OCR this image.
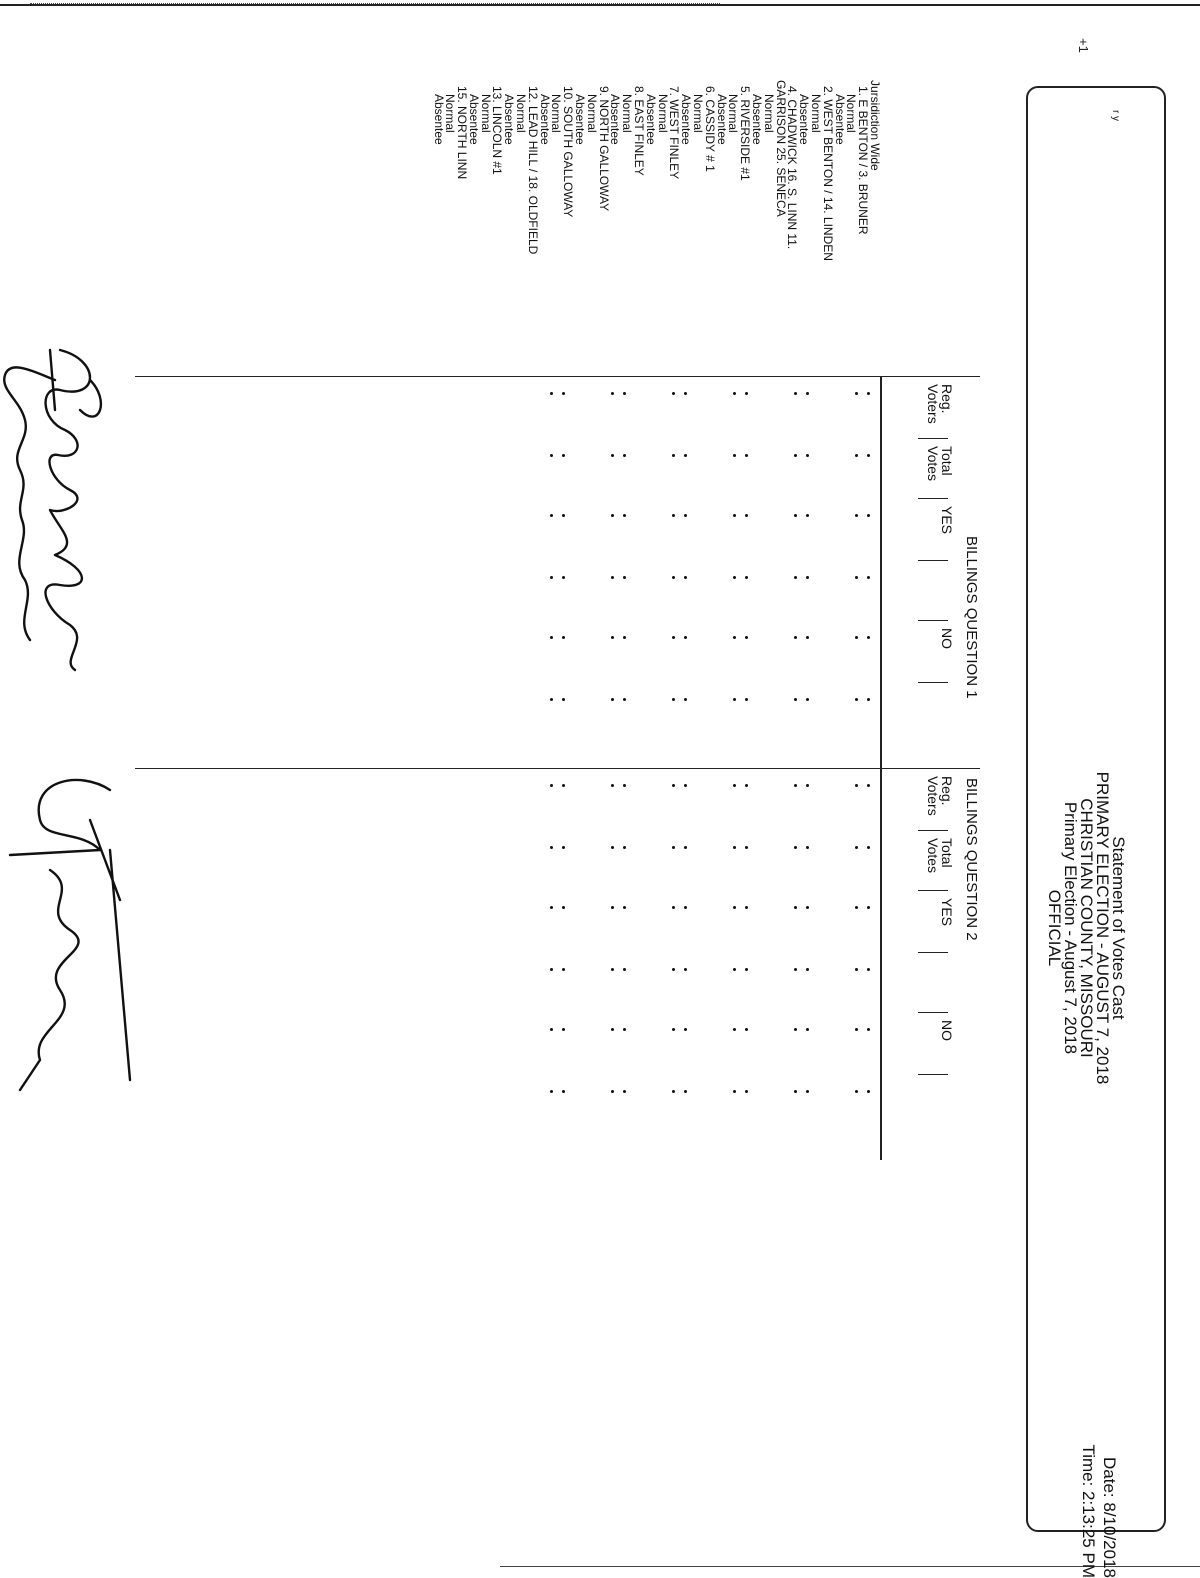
+1
r y
Statement of Votes Cast
PRIMARY ELECTION - AUGUST 7, 2018
CHRISTIAN COUNTY, MISSOURI
Primary Election - August 7, 2018
OFFICIAL
Date: 8/10/2018
Time: 2:13:25 PM
Jursidiction Wide
1. E BENTON / 3. BRUNER
Normal
Absentee
2. WEST BENTON / 14. LINDEN
Normal
Absentee
4. CHADWICK 16. S. LINN 11.
GARRISON 25. SENECA
Normal
Absentee
5. RIVERSIDE #1
Normal
Absentee
6. CASSIDY # 1
Normal
Absentee
7. WEST FINLEY
Normal
Absentee
8. EAST FINLEY
Normal
Absentee
9. NORTH GALLOWAY
Normal
Absentee
10. SOUTH GALLOWAY
Normal
Absentee
12. LEAD HILL / 18. OLDFIELD
Normal
Absentee
13. LINCOLN #1
Normal
Absentee
15. NORTH LINN
Normal
Absentee
BILLINGS QUESTION 1
Reg.
Voters
Total
Votes
YES
NO
BILLINGS QUESTION 2
Reg.
Voters
Total
Votes
YES
NO
